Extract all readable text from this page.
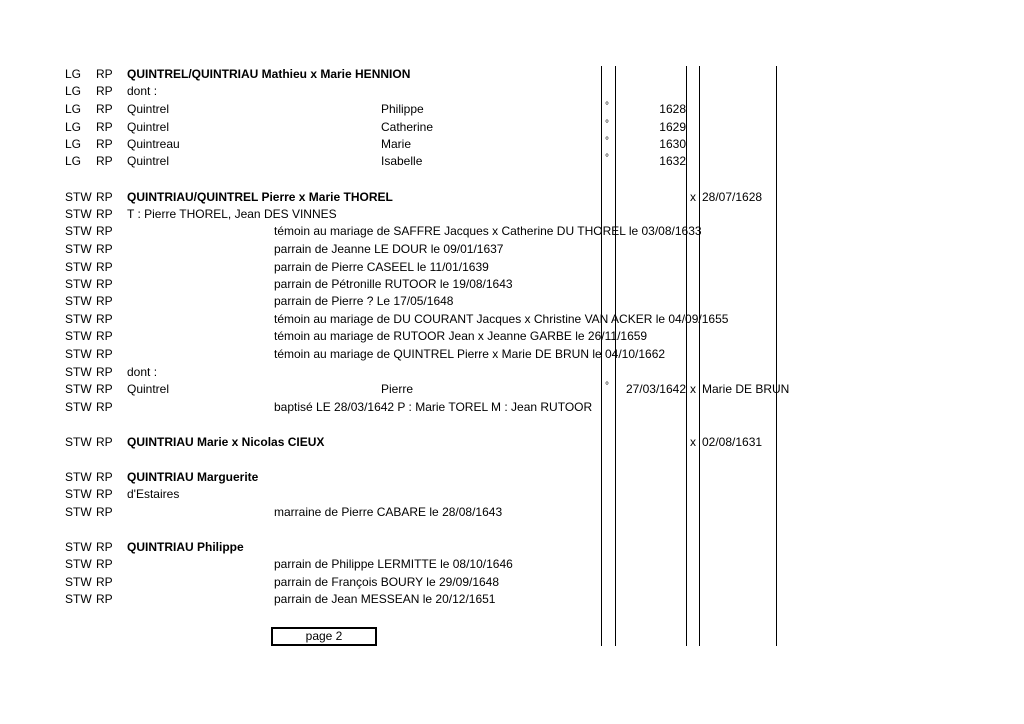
LG RP QUINTREL/QUINTRIAU Mathieu x Marie HENNION
LG RP dont :
LG RP Quintrel	Philippe	°	1628
LG RP Quintrel	Catherine	°	1629
LG RP Quintreau	Marie	°	1630
LG RP Quintrel	Isabelle	°	1632
STW RP QUINTRIAU/QUINTREL Pierre x Marie THOREL	x 28/07/1628
STW RP T : Pierre THOREL, Jean DES VINNES
STW RP	témoin au mariage de SAFFRE Jacques x Catherine DU THOREL le 03/08/1633
STW RP	parrain de Jeanne LE DOUR le 09/01/1637
STW RP	parrain de Pierre CASEEL le 11/01/1639
STW RP	parrain de Pétronille RUTOOR le 19/08/1643
STW RP	parrain de Pierre ? Le 17/05/1648
STW RP	témoin au mariage de DU COURANT Jacques x Christine VAN ACKER le 04/09/1655
STW RP	témoin au mariage de RUTOOR Jean x Jeanne GARBE le 26/11/1659
STW RP	témoin au mariage de QUINTREL Pierre x Marie DE BRUN le 04/10/1662
STW RP dont :
STW RP Quintrel	Pierre	°	27/03/1642 x Marie DE BRUN
STW RP	baptisé LE 28/03/1642 P : Marie TOREL M : Jean RUTOOR
STW RP QUINTRIAU Marie x Nicolas CIEUX	x 02/08/1631
STW RP QUINTRIAU Marguerite
STW RP d'Estaires
STW RP	marraine de Pierre CABARE le 28/08/1643
STW RP QUINTRIAU Philippe
STW RP	parrain de Philippe LERMITTE le 08/10/1646
STW RP	parrain de François BOURY le 29/09/1648
STW RP	parrain de Jean MESSEAN le 20/12/1651
page 2
